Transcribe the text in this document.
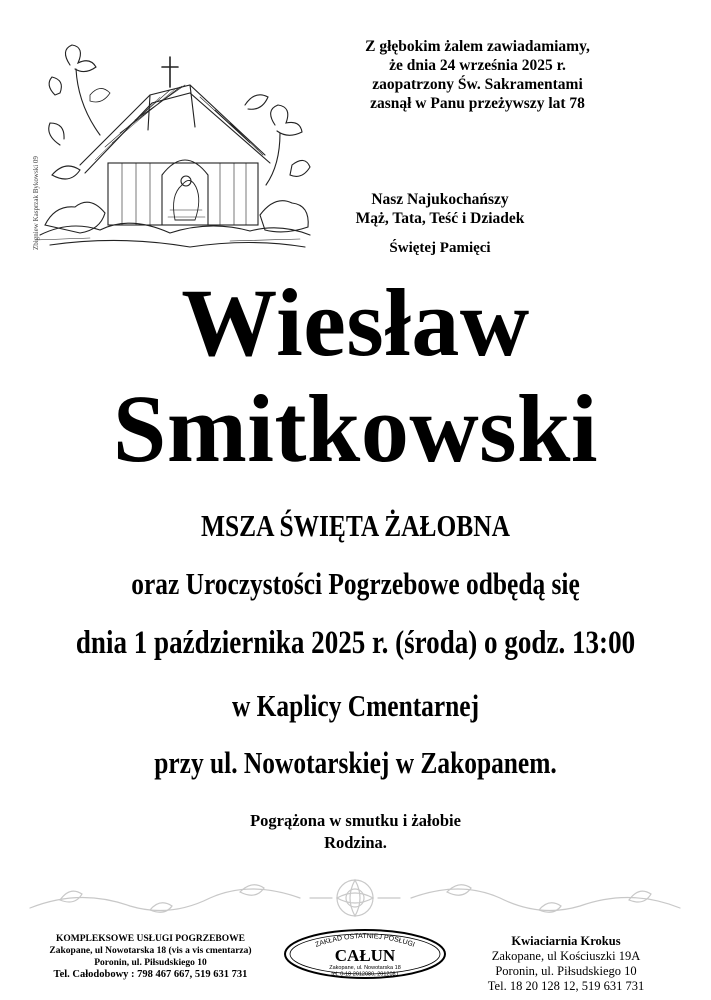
Zbigniew Kasprzak Bykowski 09
Z głębokim żalem zawiadamiamy,
że dnia 24 września 2025 r.
zaopatrzony Św. Sakramentami
zasnął w Panu przeżywszy lat 78
Nasz Najukochańszy
Mąż, Tata, Teść i Dziadek
Świętej Pamięci
Wiesław
Smitkowski
MSZA ŚWIĘTA ŻAŁOBNA
oraz Uroczystości Pogrzebowe odbędą się
dnia 1 października 2025 r. (środa) o godz. 13:00
w Kaplicy Cmentarnej
przy ul. Nowotarskiej w Zakopanem.
Pogrążona w smutku i żałobie
Rodzina.
KOMPLEKSOWE USŁUGI POGRZEBOWE
Zakopane, ul Nowotarska 18 (vis a vis cmentarza)
Poronin, ul. Piłsudskiego 10
Tel. Całodobowy : 798 467 667, 519 631 731
ZAKŁAD OSTATNIEJ POSŁUGI
CAŁUN
Zakopane, ul. Nowotarska 18
tel. 0-18 2012080, 2012081
Kwiaciarnia Krokus
Zakopane, ul Kościuszki 19A
Poronin, ul. Piłsudskiego 10
Tel. 18 20 128 12, 519 631 731
